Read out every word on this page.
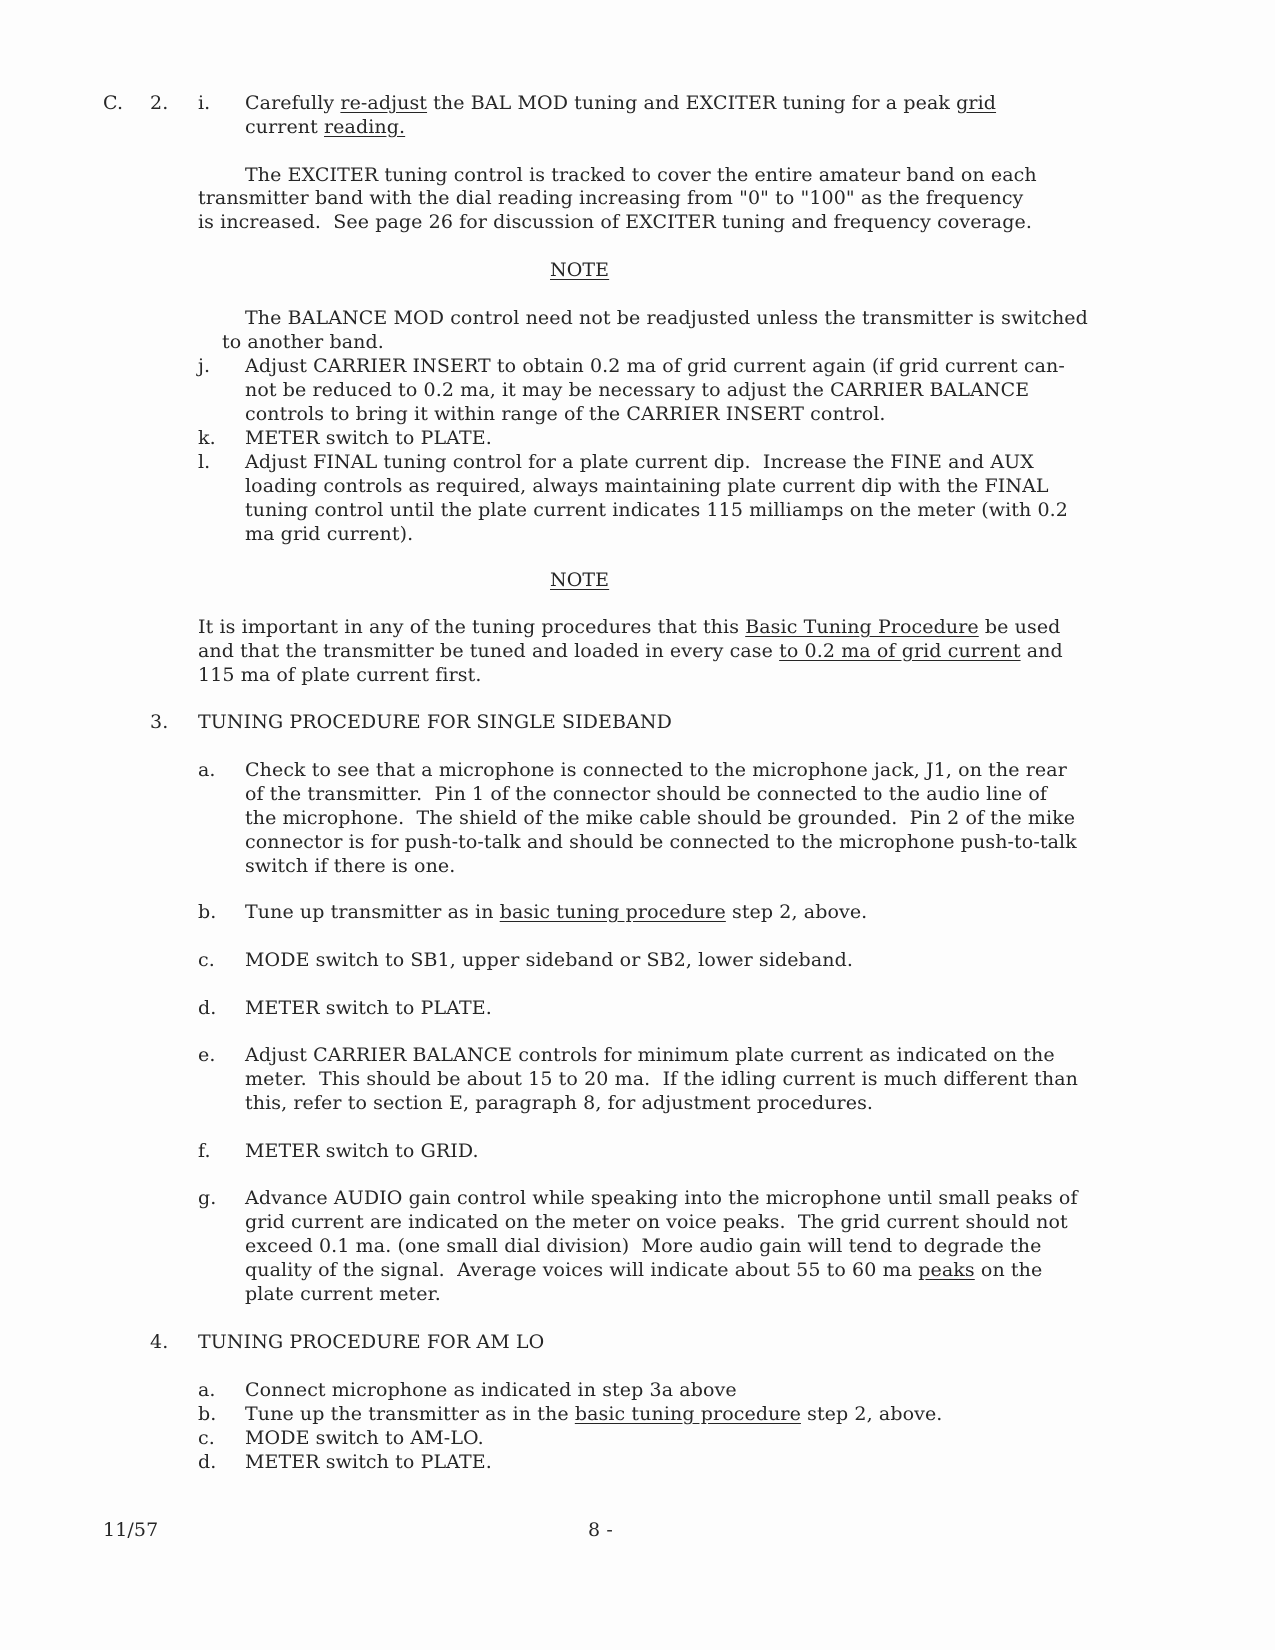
C. 2. i. Carefully re-adjust the BAL MOD tuning and EXCITER tuning for a peak grid
current reading.
The EXCITER tuning control is tracked to cover the entire amateur band on each
transmitter band with the dial reading increasing from "0" to "100" as the frequency
is increased.  See page 26 for discussion of EXCITER tuning and frequency coverage.
NOTE
The BALANCE MOD control need not be readjusted unless the transmitter is switched
to another band.
j. Adjust CARRIER INSERT to obtain 0.2 ma of grid current again (if grid current can-
not be reduced to 0.2 ma, it may be necessary to adjust the CARRIER BALANCE
controls to bring it within range of the CARRIER INSERT control.
k. METER switch to PLATE.
l. Adjust FINAL tuning control for a plate current dip.  Increase the FINE and AUX
loading controls as required, always maintaining plate current dip with the FINAL
tuning control until the plate current indicates 115 milliamps on the meter (with 0.2
ma grid current).
NOTE
It is important in any of the tuning procedures that this Basic Tuning Procedure be used
and that the transmitter be tuned and loaded in every case to 0.2 ma of grid current and
115 ma of plate current first.
3. TUNING PROCEDURE FOR SINGLE SIDEBAND
a. Check to see that a microphone is connected to the microphone jack, J1, on the rear
of the transmitter.  Pin 1 of the connector should be connected to the audio line of
the microphone.  The shield of the mike cable should be grounded.  Pin 2 of the mike
connector is for push-to-talk and should be connected to the microphone push-to-talk
switch if there is one.
b. Tune up transmitter as in basic tuning procedure step 2, above.
c. MODE switch to SB1, upper sideband or SB2, lower sideband.
d. METER switch to PLATE.
e. Adjust CARRIER BALANCE controls for minimum plate current as indicated on the
meter.  This should be about 15 to 20 ma.  If the idling current is much different than
this, refer to section E, paragraph 8, for adjustment procedures.
f. METER switch to GRID.
g. Advance AUDIO gain control while speaking into the microphone until small peaks of
grid current are indicated on the meter on voice peaks.  The grid current should not
exceed 0.1 ma. (one small dial division)  More audio gain will tend to degrade the
quality of the signal.  Average voices will indicate about 55 to 60 ma peaks on the
plate current meter.
4. TUNING PROCEDURE FOR AM LO
a. Connect microphone as indicated in step 3a above
b. Tune up the transmitter as in the basic tuning procedure step 2, above.
c. MODE switch to AM-LO.
d. METER switch to PLATE.
11/57	8 -
